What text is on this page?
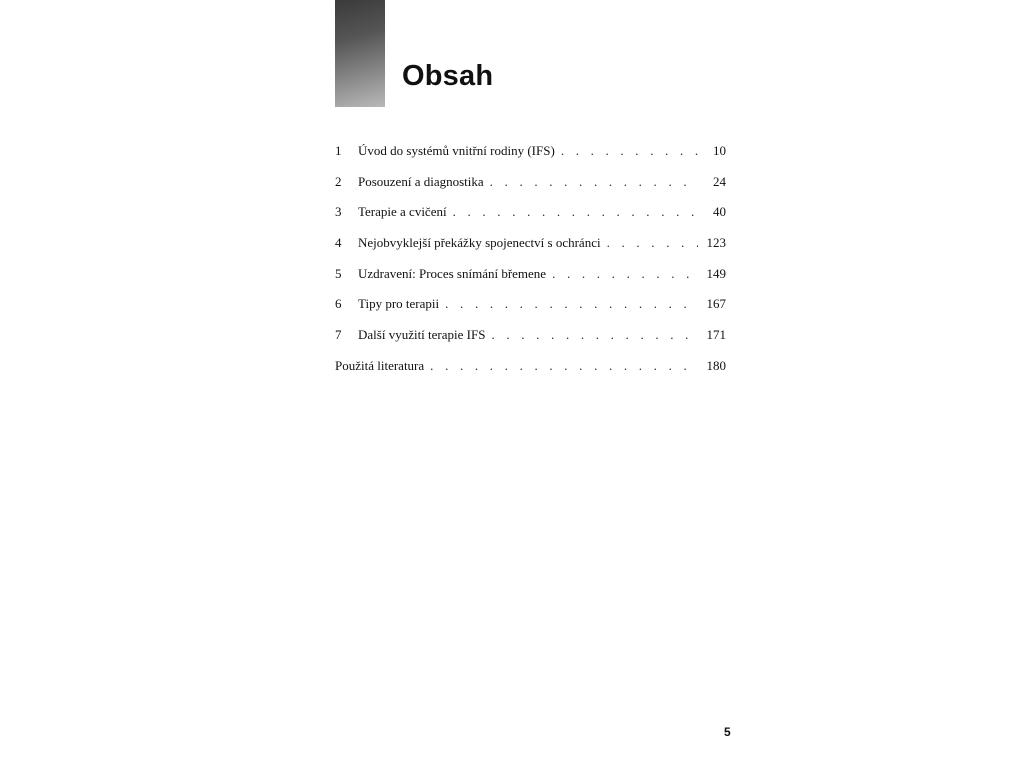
Obsah
1	Úvod do systémů vnitřní rodiny (IFS) . . .	10
2	Posouzení a diagnostika . . .	24
3	Terapie a cvičení . . .	40
4	Nejobvyklejší překážky spojenectví s ochránci . . .	123
5	Uzdravení: Proces snímání břemene . . .	149
6	Tipy pro terapii . . .	167
7	Další využití terapie IFS . . .	171
Použitá literatura . . .	180
5
